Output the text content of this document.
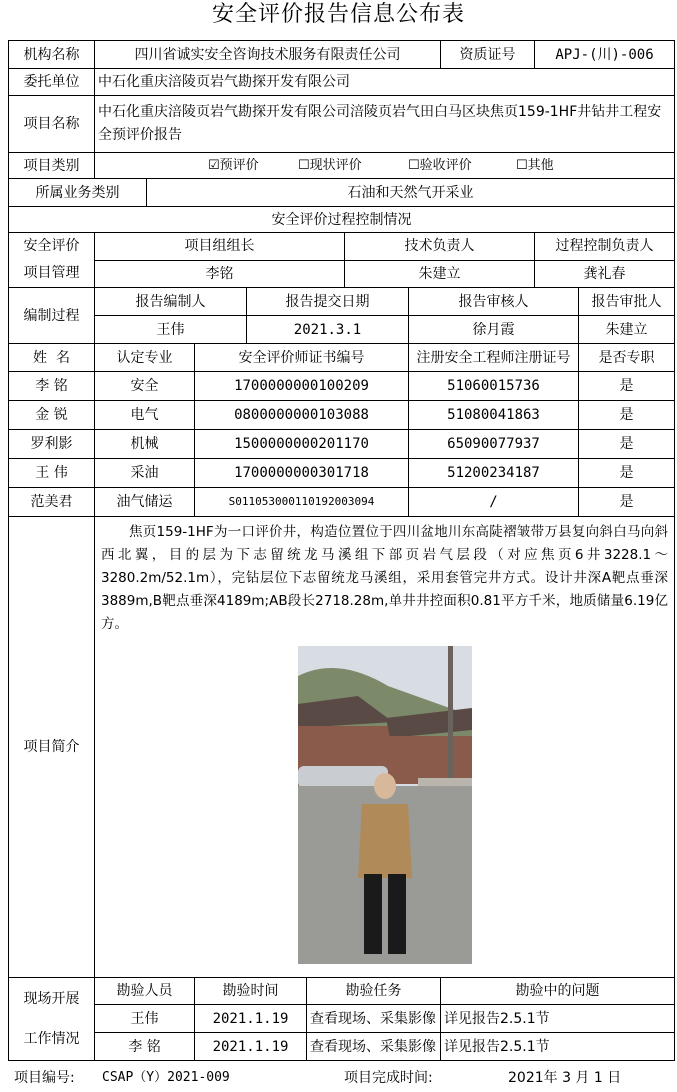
安全评价报告信息公布表
机构名称	四川省诚实安全咨询技术服务有限责任公司							资质证号	APJ-(川)-006	
委托单位	中石化重庆涪陵页岩气勘探开发有限公司									
项目名称	中石化重庆涪陵页岩气勘探开发有限公司涪陵页岩气田白马区块焦页159-1HF井钻井工程安全预评价报告									
项目类别	☑预评价 ☐现状评价 ☐验收评价 ☐其他									

所属业务类别		石油和天然气开采业								
安全评价过程控制情况										

安全评价
项目管理	项目组组长					技术负责人			过程控制负责人	
	李铭					朱建立			龚礼春	
编制过程	报告编制人			报告提交日期			报告审核人			报告审批人
	王伟			2021.3.1			徐月霞			朱建立
姓  名	认定专业		安全评价师证书编号				注册安全工程师注册证号			是否专职
李 铭	安全		1700000000100209				51060015736			是
金 锐	电气		0800000000103088				51080041863			是
罗利影	机械		1500000000201170				65090077937			是
王 伟	采油		1700000000301718				51200234187			是
范美君	油气储运		S011053000110192003094				/			是
项目简介	焦页159-1HF为一口评价井，构造位置位于四川盆地川东高陡褶皱带万县复向斜白马向斜西北翼，目的层为下志留统龙马溪组下部页岩气层段（对应焦页6井3228.1～3280.2m/52.1m），完钻层位下志留统龙马溪组，采用套管完井方式。设计井深A靶点垂深3889m,B靶点垂深4189m;AB段长2718.28m,单井井控面积0.81平方千米，地质储量6.19亿方。									

现场开展
工作情况	勘验人员		勘验时间		勘验任务			勘验中的问题		
	王伟		2021.1.19		查看现场、采集影像			详见报告2.5.1节		
	李 铭		2021.1.19		查看现场、采集影像			详见报告2.5.1节		
项目编号: CSAP（Y）2021-009	项目完成时间:	2021年 3 月 1 日
